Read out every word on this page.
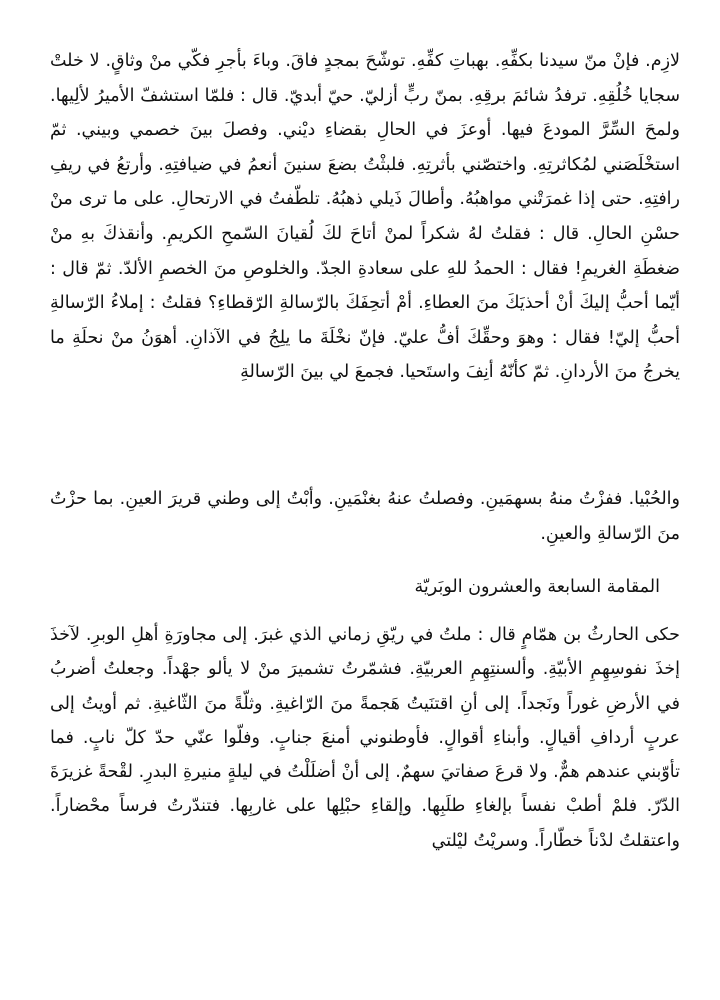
لازِم. فإنْ منّ سيدنا بكفِّهِ. بهباتِ كفِّهِ. توشّحَ بمجدٍ فاقَ. وباءَ بأجرِ فكّي منْ وثاقٍ. لا خلتْ سجايا خُلُقِهِ. ترفدُ شائمَ برقِهِ. بمنّ ربٍّ أزليّ. حيّ أبديّ. قال : فلمّا استشفّ الأميرُ لألِيها. ولمحَ السِّرَّ المودعَ فيها. أوعزَ في الحالِ بقضاءِ ديْني. وفصلَ بينَ خصمي وبيني. ثمّ استخْلَصَني لمُكاثرتِهِ. واختصّني بأثرتِهِ. فلبثْتُ بضعَ سنينَ أنعمُ في ضيافتِهِ. وأرتعُ في ريفِ رافتِهِ. حتى إذا غمرَتْني مواهبُهُ. وأطالَ ذَيلي ذهبُهُ. تلطّفتُ في الارتحالِ. على ما ترى منْ حسْنِ الحالِ. قال : فقلتُ لهُ شكراً لمنْ أتاحَ لكَ لُقيانَ السّمحِ الكريمِ. وأنقذكَ بهِ منْ ضغطَةِ الغريمِ! فقال : الحمدُ للهِ على سعادةِ الجدّ. والخلوصِ منَ الخصمِ الألدّ. ثمّ قال : أيّما أحبُّ إليكَ أنْ أحذيَكَ منَ العطاءِ. أمْ أتحِفَكَ بالرّسالةِ الرّقطاءِ؟ فقلتُ : إملاءُ الرّسالةِ أحبُّ إليّ! فقال : وهوَ وحقِّكَ أفُّ عليّ. فإنّ نخْلَةَ ما يلِجُ في الآذانِ. أهوَنُ منْ نحلَةِ ما يخرجُ منَ الأردانِ. ثمّ كأنّهُ أنِفَ واستَحيا. فجمعَ لي بينَ الرّسالةِ

والحُبْيا. ففزْتُ منهُ بسهمَينِ. وفصلتُ عنهُ بغنْمَينِ. وأبْتُ إلى وطني قريرَ العينِ. بما حزْتُ منَ الرّسالةِ والعينِ.

المقامة السابعة والعشرون الوبَريّة

حكى الحارثُ بن همّامٍ قال : ملتُ في ريّقِ زماني الذي غبرَ. إلى مجاورَةِ أهلِ الوبرِ. لآخذَ إخذَ نفوسِهِمِ الأبيّةِ. وألسنتِهِمِ العربيّةِ. فشمّرتُ تشميرَ منْ لا يألو جهْداً. وجعلتُ أضربُ في الأرضِ غوراً ونَجداً. إلى أنِ اقتنَيتُ هَجمةً منَ الرّاغيةِ. وثلّةً منَ الثّاغيةِ. ثم أويتُ إلى عربٍ أردافِ أقيالٍ. وأبناءِ أقوالٍ. فأوطنوني أمنعَ جنابٍ. وفلّوا عنّي حدّ كلّ نابٍ. فما تأوّبني عندهم همٌّ. ولا قرعَ صفاتيَ سهمٌ. إلى أنْ أضلَلْتُ في ليلةٍ منيرةِ البدرِ. لقْحةً غزيرَةَ الدّرّ. فلمْ أطبْ نفساً بإلغاءِ طلَبِها. وإلقاءِ حبْلِها على غاربِها. فتندّرتُ فرساً محْضاراً. واعتقلتُ لدْناً خطّاراً. وسريْتُ ليْلتي
